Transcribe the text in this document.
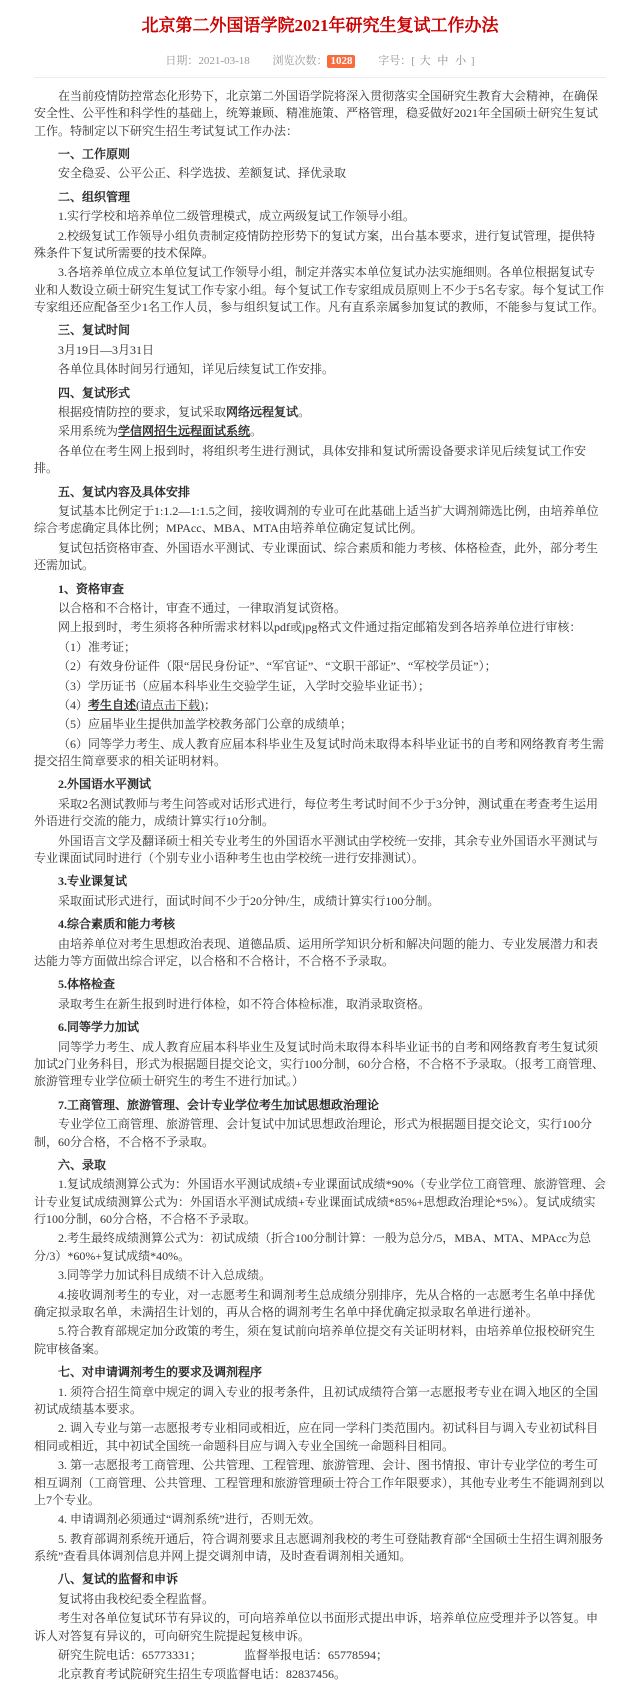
北京第二外国语学院2021年研究生复试工作办法
日期：2021-03-18 浏览次数： 1028 字号：[ 大 中 小 ]

在当前疫情防控常态化形势下，北京第二外国语学院将深入贯彻落实全国研究生教育大会精神，在确保安全性、公平性和科学性的基础上，统筹兼顾、精准施策、严格管理，稳妥做好2021年全国硕士研究生复试工作。特制定以下研究生招生考试复试工作办法：

一、工作原则

安全稳妥、公平公正、科学选拔、差额复试、择优录取

二、组织管理

1.实行学校和培养单位二级管理模式，成立两级复试工作领导小组。

2.校级复试工作领导小组负责制定疫情防控形势下的复试方案，出台基本要求，进行复试管理，提供特殊条件下复试所需要的技术保障。

3.各培养单位成立本单位复试工作领导小组，制定并落实本单位复试办法实施细则。各单位根据复试专业和人数设立硕士研究生复试工作专家小组。每个复试工作专家组成员原则上不少于5名专家。每个复试工作专家组还应配备至少1名工作人员，参与组织复试工作。凡有直系亲属参加复试的教师，不能参与复试工作。

三、复试时间

3月19日—3月31日

各单位具体时间另行通知，详见后续复试工作安排。

四、复试形式

根据疫情防控的要求，复试采取网络远程复试。

采用系统为学信网招生远程面试系统。

各单位在考生网上报到时，将组织考生进行测试，具体安排和复试所需设备要求详见后续复试工作安排。

五、复试内容及具体安排

复试基本比例定于1:1.2—1:1.5之间，接收调剂的专业可在此基础上适当扩大调剂筛选比例，由培养单位综合考虑确定具体比例；MPAcc、MBA、MTA由培养单位确定复试比例。

复试包括资格审查、外国语水平测试、专业课面试、综合素质和能力考核、体格检查，此外，部分考生还需加试。

1、资格审查

以合格和不合格计，审查不通过，一律取消复试资格。

网上报到时，考生须将各种所需求材料以pdf或jpg格式文件通过指定邮箱发到各培养单位进行审核：

（1）准考证；

（2）有效身份证件（限“居民身份证”、“军官证”、“文职干部证”、“军校学员证”）；

（3）学历证书（应届本科毕业生交验学生证，入学时交验毕业证书）；

（4）考生自述(请点击下载)；

（5）应届毕业生提供加盖学校教务部门公章的成绩单；

（6）同等学力考生、成人教育应届本科毕业生及复试时尚未取得本科毕业证书的自考和网络教育考生需提交招生简章要求的相关证明材料。

2.外国语水平测试

采取2名测试教师与考生问答或对话形式进行，每位考生考试时间不少于3分钟，测试重在考查考生运用外语进行交流的能力，成绩计算实行10分制。

外国语言文学及翻译硕士相关专业考生的外国语水平测试由学校统一安排，其余专业外国语水平测试与专业课面试同时进行（个别专业小语种考生也由学校统一进行安排测试）。

3.专业课复试

采取面试形式进行，面试时间不少于20分钟/生，成绩计算实行100分制。

4.综合素质和能力考核

由培养单位对考生思想政治表现、道德品质、运用所学知识分析和解决问题的能力、专业发展潜力和表达能力等方面做出综合评定，以合格和不合格计，不合格不予录取。

5.体格检查

录取考生在新生报到时进行体检，如不符合体检标准，取消录取资格。

6.同等学力加试

同等学力考生、成人教育应届本科毕业生及复试时尚未取得本科毕业证书的自考和网络教育考生复试须加试2门业务科目，形式为根据题目提交论文，实行100分制，60分合格，不合格不予录取。（报考工商管理、旅游管理专业学位硕士研究生的考生不进行加试。）

7.工商管理、旅游管理、会计专业学位考生加试思想政治理论

专业学位工商管理、旅游管理、会计复试中加试思想政治理论，形式为根据题目提交论文，实行100分制，60分合格，不合格不予录取。

六、录取

1.复试成绩测算公式为：外国语水平测试成绩+专业课面试成绩*90%（专业学位工商管理、旅游管理、会计专业复试成绩测算公式为：外国语水平测试成绩+专业课面试成绩*85%+思想政治理论*5%）。复试成绩实行100分制，60分合格，不合格不予录取。

2.考生最终成绩测算公式为：初试成绩（折合100分制计算：一般为总分/5，MBA、MTA、MPAcc为总分/3）*60%+复试成绩*40%。

3.同等学力加试科目成绩不计入总成绩。

4.接收调剂考生的专业，对一志愿考生和调剂考生总成绩分别排序，先从合格的一志愿考生名单中择优确定拟录取名单，未满招生计划的，再从合格的调剂考生名单中择优确定拟录取名单进行递补。

5.符合教育部规定加分政策的考生，须在复试前向培养单位提交有关证明材料，由培养单位报校研究生院审核备案。

七、对申请调剂考生的要求及调剂程序

1. 须符合招生简章中规定的调入专业的报考条件，且初试成绩符合第一志愿报考专业在调入地区的全国初试成绩基本要求。

2. 调入专业与第一志愿报考专业相同或相近，应在同一学科门类范围内。初试科目与调入专业初试科目相同或相近，其中初试全国统一命题科目应与调入专业全国统一命题科目相同。

3. 第一志愿报考工商管理、公共管理、工程管理、旅游管理、会计、图书情报、审计专业学位的考生可相互调剂（工商管理、公共管理、工程管理和旅游管理硕士符合工作年限要求），其他专业考生不能调剂到以上7个专业。

4. 申请调剂必须通过“调剂系统”进行，否则无效。

5. 教育部调剂系统开通后，符合调剂要求且志愿调剂我校的考生可登陆教育部“全国硕士生招生调剂服务系统”查看具体调剂信息并网上提交调剂申请，及时查看调剂相关通知。

八、复试的监督和申诉

复试将由我校纪委全程监督。

考生对各单位复试环节有异议的，可向培养单位以书面形式提出申诉，培养单位应受理并予以答复。申诉人对答复有异议的，可向研究生院提起复核申诉。

研究生院电话：65773331；　　　　监督举报电话：65778594；

北京教育考试院研究生招生专项监督电话：82837456。
